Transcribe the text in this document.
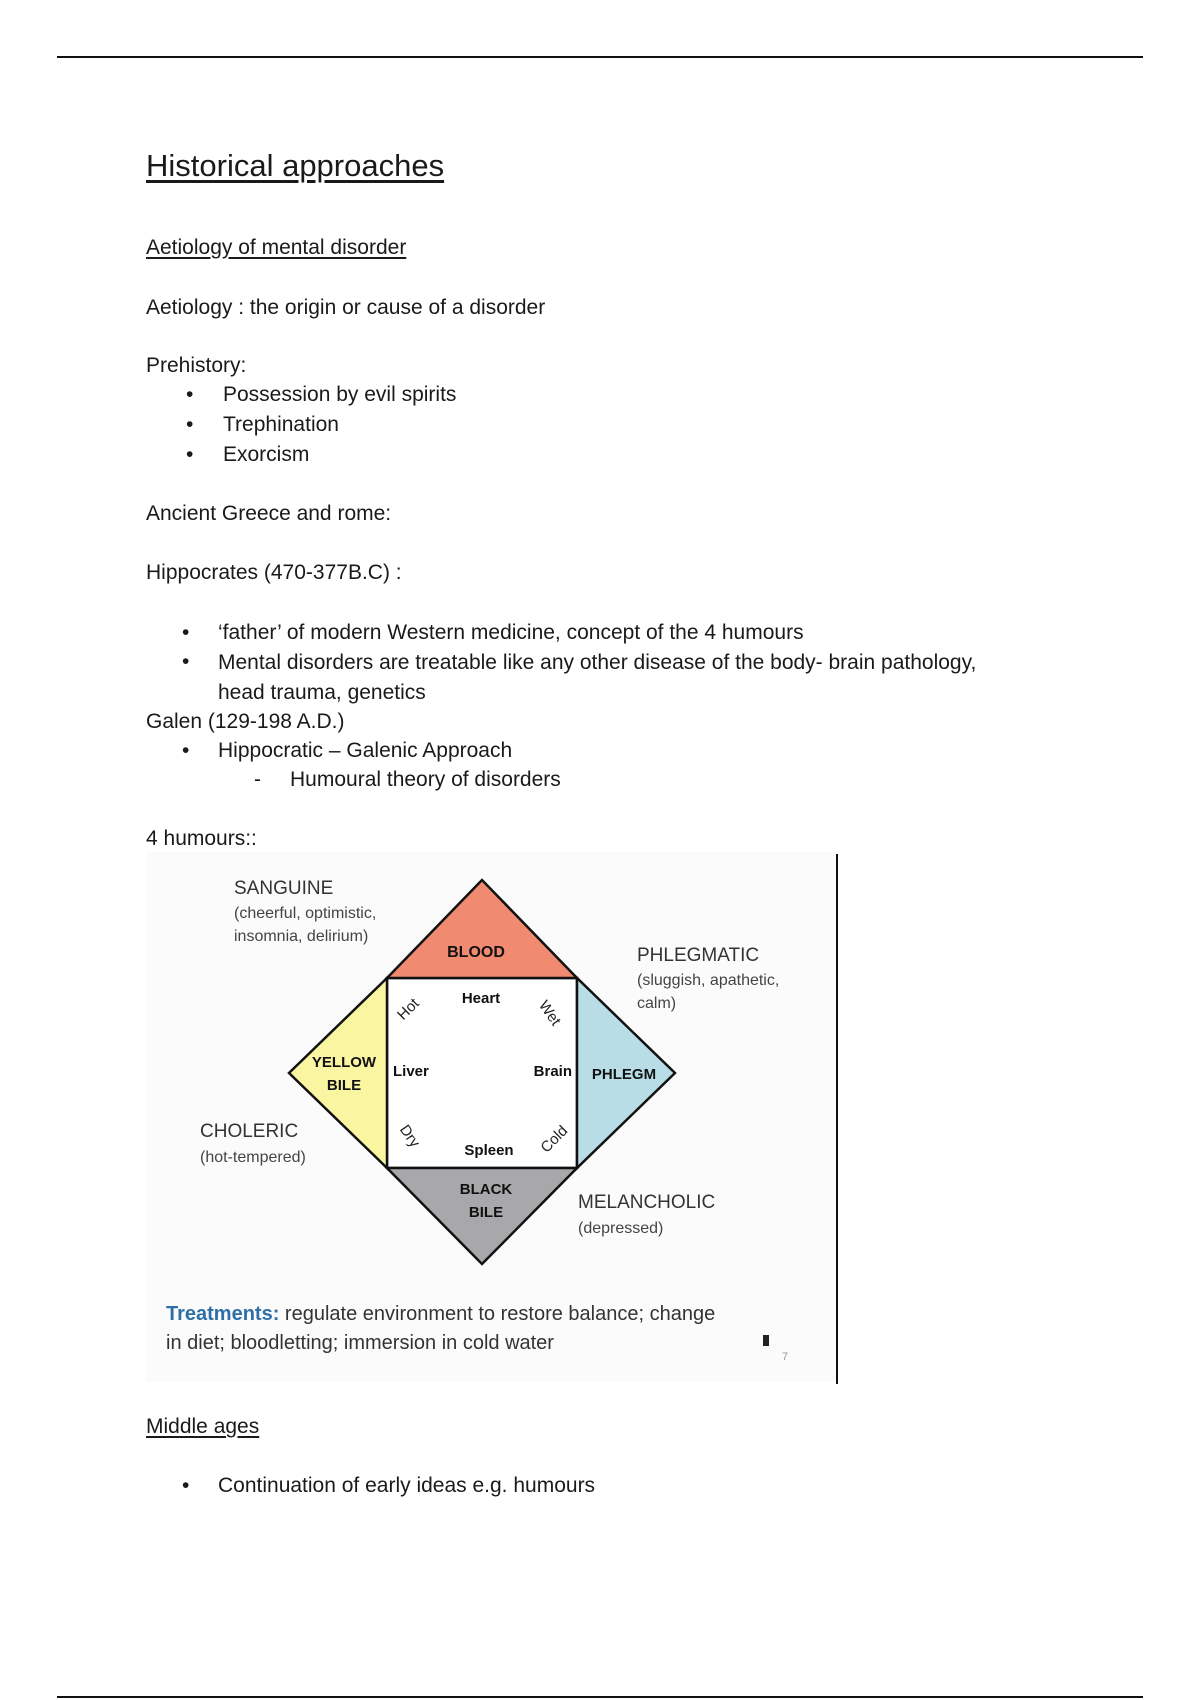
Historical approaches
Aetiology of mental disorder
Aetiology : the origin or cause of a disorder
Prehistory:
• Possession by evil spirits
• Trephination
• Exorcism
Ancient Greece and rome:
Hippocrates (470-377B.C) :
• ‘father’ of modern Western medicine, concept of the 4 humours
• Mental disorders are treatable like any other disease of the body- brain pathology, head trauma, genetics
Galen (129-198 A.D.)
• Hippocratic – Galenic Approach
- Humoural theory of disorders
4 humours::
Middle ages
• Continuation of early ideas e.g. humours
BLOOD
YELLOW
BILE
PHLEGM
BLACK
BILE
Heart
Liver	Brain
Spleen
Hot	Wet
Dry	Cold
SANGUINE
(cheerful, optimistic,
insomnia, delirium)
PHLEGMATIC
(sluggish, apathetic,
calm)
CHOLERIC
(hot-tempered)
MELANCHOLIC
(depressed)
Treatments: regulate environment to restore balance; change
in diet; bloodletting; immersion in cold water
7
